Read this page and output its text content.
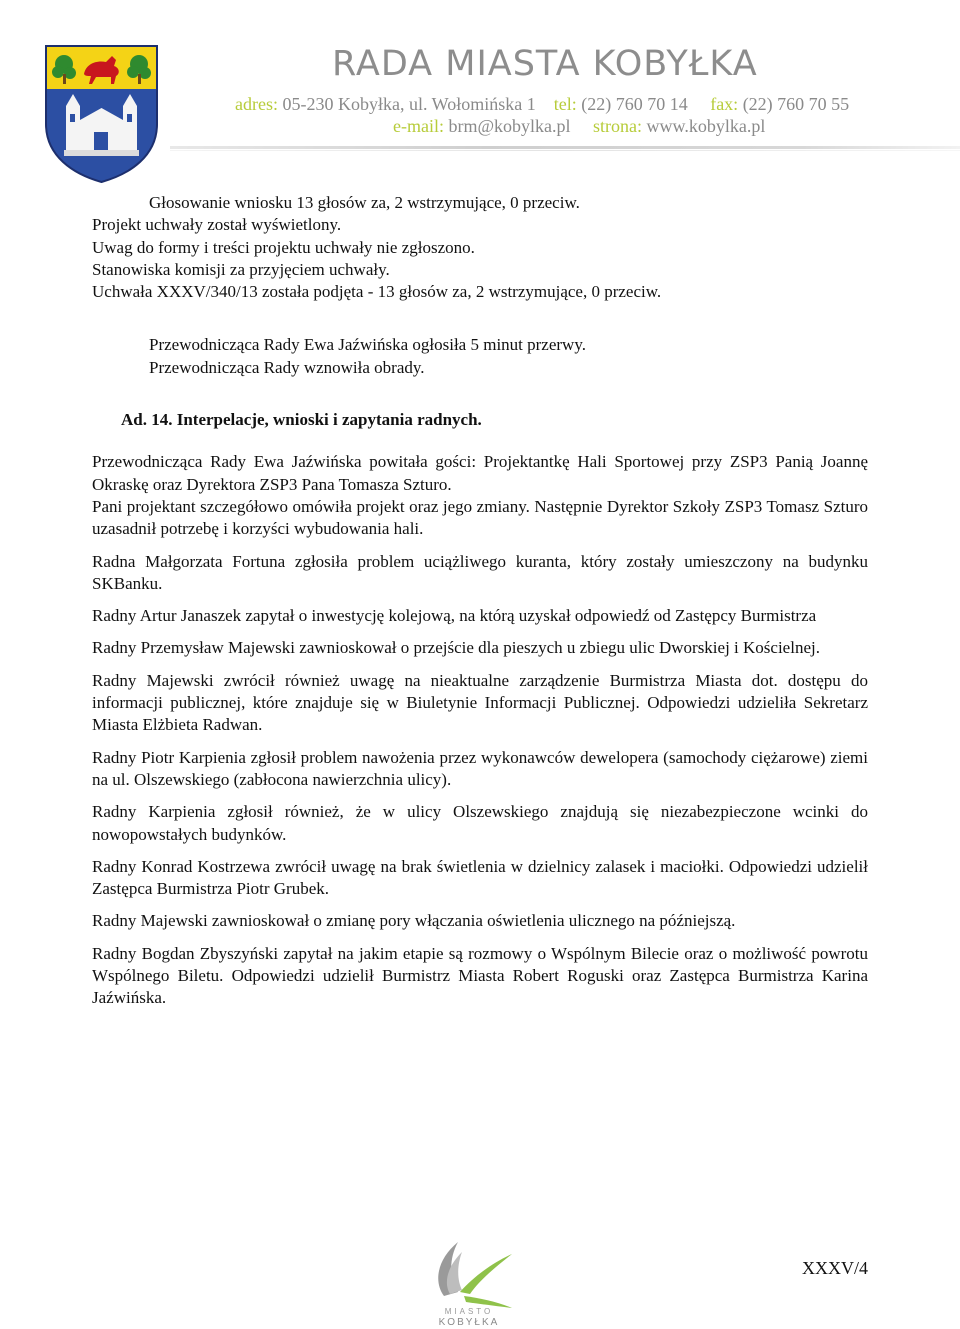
RADA MIASTA KOBYŁKA
adres: 05-230 Kobyłka, ul. Wołomińska 1 tel: (22) 760 70 14 fax: (22) 760 70 55
e-mail: brm@kobylka.pl strona: www.kobylka.pl

Głosowanie wniosku 13 głosów za, 2 wstrzymujące, 0 przeciw.

Projekt uchwały został wyświetlony.

Uwag do formy i treści projektu uchwały nie zgłoszono.

Stanowiska komisji za przyjęciem uchwały.

Uchwała XXXV/340/13 została podjęta - 13 głosów za, 2 wstrzymujące, 0 przeciw.

Przewodnicząca Rady Ewa Jaźwińska ogłosiła 5 minut przerwy.

Przewodnicząca Rady wznowiła obrady.

Ad. 14. Interpelacje, wnioski i zapytania radnych.

Przewodnicząca Rady Ewa Jaźwińska powitała gości: Projektantkę Hali Sportowej przy ZSP3 Panią Joannę Okraskę oraz Dyrektora ZSP3 Pana Tomasza Szturo.

Pani projektant szczegółowo omówiła projekt oraz jego zmiany. Następnie Dyrektor Szkoły ZSP3 Tomasz Szturo uzasadnił potrzebę i korzyści wybudowania hali.

Radna Małgorzata Fortuna zgłosiła problem uciążliwego kuranta, który zostały umieszczony na budynku SKBanku.

Radny Artur Janaszek zapytał o inwestycję kolejową, na którą uzyskał odpowiedź od Zastępcy Burmistrza

Radny Przemysław Majewski zawnioskował o przejście dla pieszych u zbiegu ulic Dworskiej i Kościelnej.

Radny Majewski zwrócił również uwagę na nieaktualne zarządzenie Burmistrza Miasta dot. dostępu do informacji publicznej, które znajduje się w Biuletynie Informacji Publicznej. Odpowiedzi udzieliła Sekretarz Miasta Elżbieta Radwan.

Radny Piotr Karpienia zgłosił problem nawożenia przez wykonawców dewelopera (samochody ciężarowe) ziemi na ul. Olszewskiego (zabłocona nawierzchnia ulicy).

Radny Karpienia zgłosił również, że w ulicy Olszewskiego znajdują się niezabezpieczone wcinki do nowopowstałych budynków.

Radny Konrad Kostrzewa zwrócił uwagę na brak świetlenia w dzielnicy zalasek i maciołki. Odpowiedzi udzielił Zastępca Burmistrza Piotr Grubek.

Radny Majewski zawnioskował o zmianę pory włączania oświetlenia ulicznego na późniejszą.

Radny Bogdan Zbyszyński zapytał na jakim etapie są rozmowy o Wspólnym Bilecie oraz o możliwość powrotu Wspólnego Biletu. Odpowiedzi udzielił Burmistrz Miasta Robert Roguski oraz Zastępca Burmistrza Karina Jaźwińska.

MIASTO
KOBYŁKA
XXXV/4
